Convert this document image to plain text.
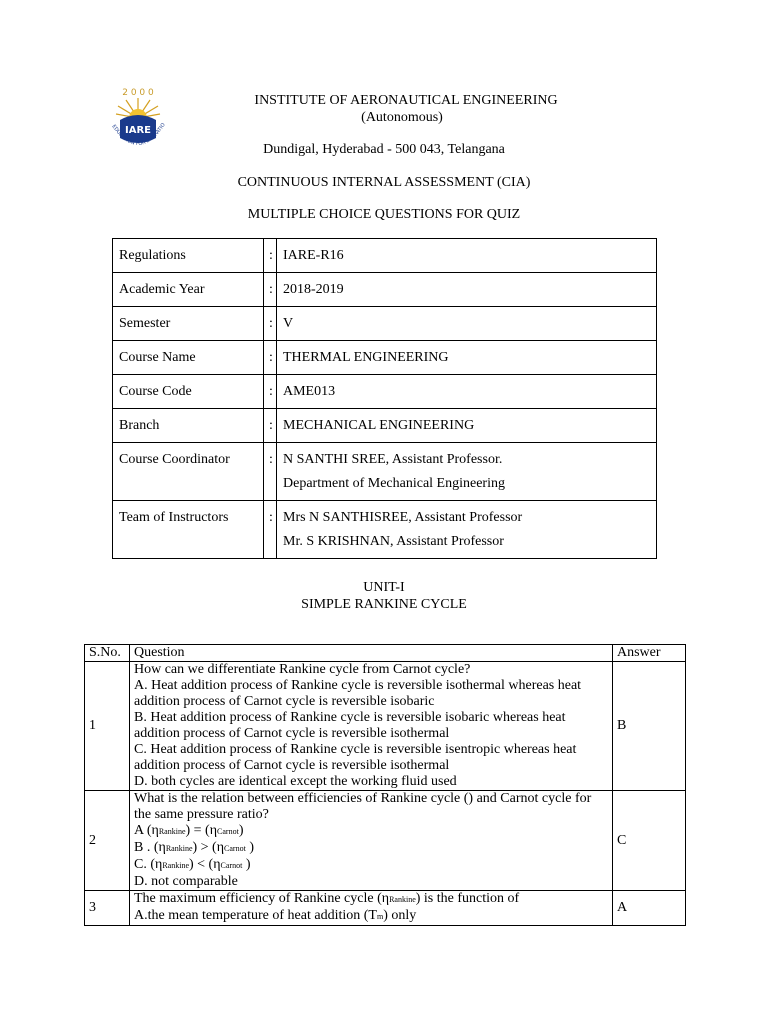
2 0 0 0
IARE
EDUCATION FOR LIBERATIO
INSTITUTE OF AERONAUTICAL ENGINEERING
(Autonomous)
Dundigal, Hyderabad - 500 043, Telangana
CONTINUOUS INTERNAL ASSESSMENT (CIA)
MULTIPLE CHOICE QUESTIONS FOR QUIZ
Regulations	:	IARE-R16

Academic Year	:	2018-2019

Semester	:	V

Course Name	:	THERMAL ENGINEERING

Course Code	:	AME013

Branch	:	MECHANICAL ENGINEERING

Course Coordinator	:	N SANTHI SREE, Assistant Professor.
Department of Mechanical Engineering

Team of Instructors	:	Mrs N SANTHISREE, Assistant Professor
Mr. S KRISHNAN, Assistant Professor
UNIT-I
SIMPLE RANKINE CYCLE
S.No.	Question	Answer
1	How can we differentiate Rankine cycle from Carnot cycle?
A. Heat addition process of Rankine cycle is reversible isothermal whereas heat addition process of Carnot cycle is reversible isobaric
B. Heat addition process of Rankine cycle is reversible isobaric whereas heat addition process of Carnot cycle is reversible isothermal
C. Heat addition process of Rankine cycle is reversible isentropic whereas heat addition process of Carnot cycle is reversible isothermal
D. both cycles are identical except the working fluid used	B
2	What is the relation between efficiencies of Rankine cycle () and Carnot cycle for the same pressure ratio?
A (ηRankine) = (ηCarnot)
B . (ηRankine) > (ηCarnot )
C. (ηRankine) < (ηCarnot )
D. not comparable	C
3	The maximum efficiency of Rankine cycle (ηRankine) is the function of
A.the mean temperature of heat addition (Tm) only	A
